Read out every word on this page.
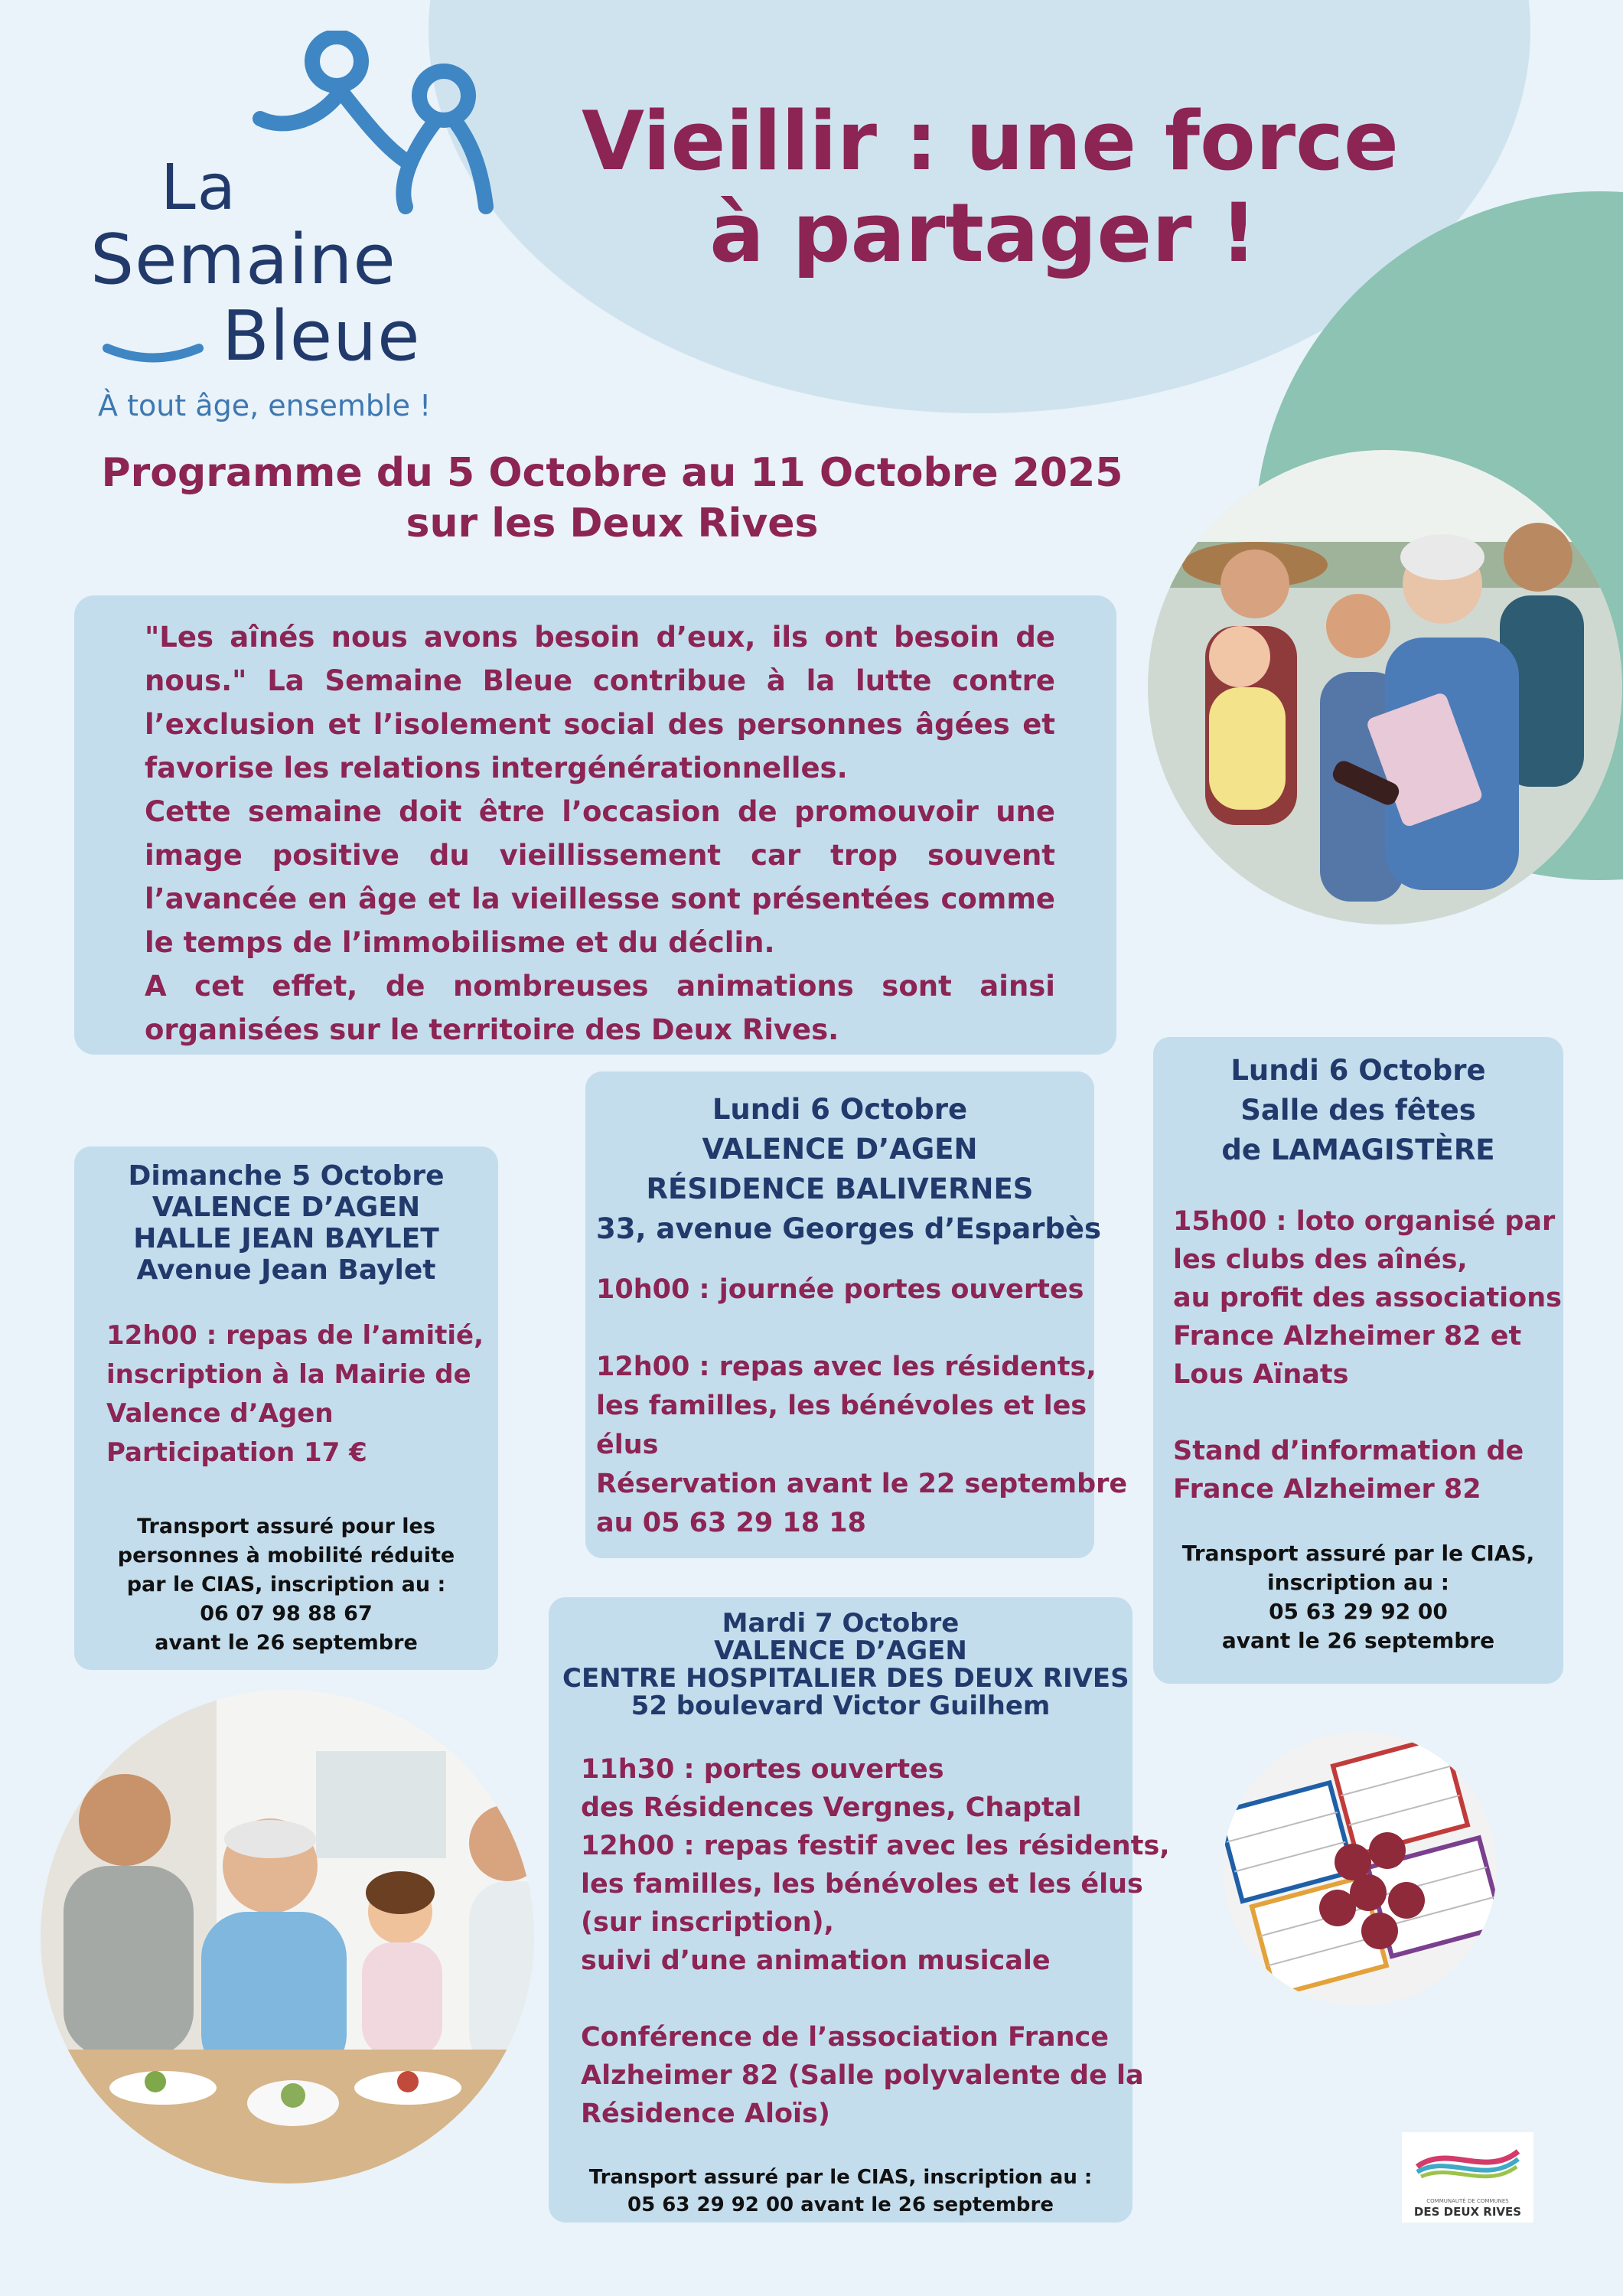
La
Semaine
Bleue
À tout âge, ensemble !
Vieillir : une force
à partager !
Programme du 5 Octobre au 11 Octobre 2025
sur les Deux Rives

"Les aînés nous avons besoin d’eux, ils ont besoin de nous." La Semaine Bleue contribue à la lutte contre l’exclusion et l’isolement social des personnes âgées et favorise les relations intergénérationnelles.

Cette semaine doit être l’occasion de promouvoir une image positive du vieillissement car trop souvent l’avancée en âge et la vieillesse sont présentées comme le temps de l’immobilisme et du déclin.

A cet effet, de nombreuses animations sont ainsi organisées sur le territoire des Deux Rives.

Dimanche 5 Octobre
VALENCE D’AGEN
HALLE JEAN BAYLET
Avenue Jean Baylet
12h00 : repas de l’amitié,
inscription à la Mairie de
Valence d’Agen
Participation 17 €
Transport assuré pour les
personnes à mobilité réduite
par le CIAS, inscription au :
06 07 98 88 67
avant le 26 septembre
Lundi 6 Octobre
VALENCE D’AGEN
RÉSIDENCE BALIVERNES
33, avenue Georges d’Esparbès
10h00 : journée portes ouvertes
12h00 : repas avec les résidents,
les familles, les bénévoles et les
élus
Réservation avant le 22 septembre
au 05 63 29 18 18
Lundi 6 Octobre
Salle des fêtes
de LAMAGISTÈRE
15h00 : loto organisé par
les clubs des aînés,
au profit des associations
France Alzheimer 82 et
Lous Aïnats
Stand d’information de
France Alzheimer 82
Transport assuré par le CIAS,
inscription au :
05 63 29 92 00
avant le 26 septembre
Mardi 7 Octobre
VALENCE D’AGEN
CENTRE HOSPITALIER DES DEUX RIVES
52 boulevard Victor Guilhem
11h30 : portes ouvertes
des Résidences Vergnes, Chaptal
12h00 : repas festif avec les résidents,
les familles, les bénévoles et les élus
(sur inscription),
suivi d’une animation musicale
Conférence de l’association France
Alzheimer 82 (Salle polyvalente de la
Résidence Aloïs)
Transport assuré par le CIAS, inscription au :
05 63 29 92 00 avant le 26 septembre	COMMUNAUTÉ DE COMMUNES
DES DEUX RIVES
